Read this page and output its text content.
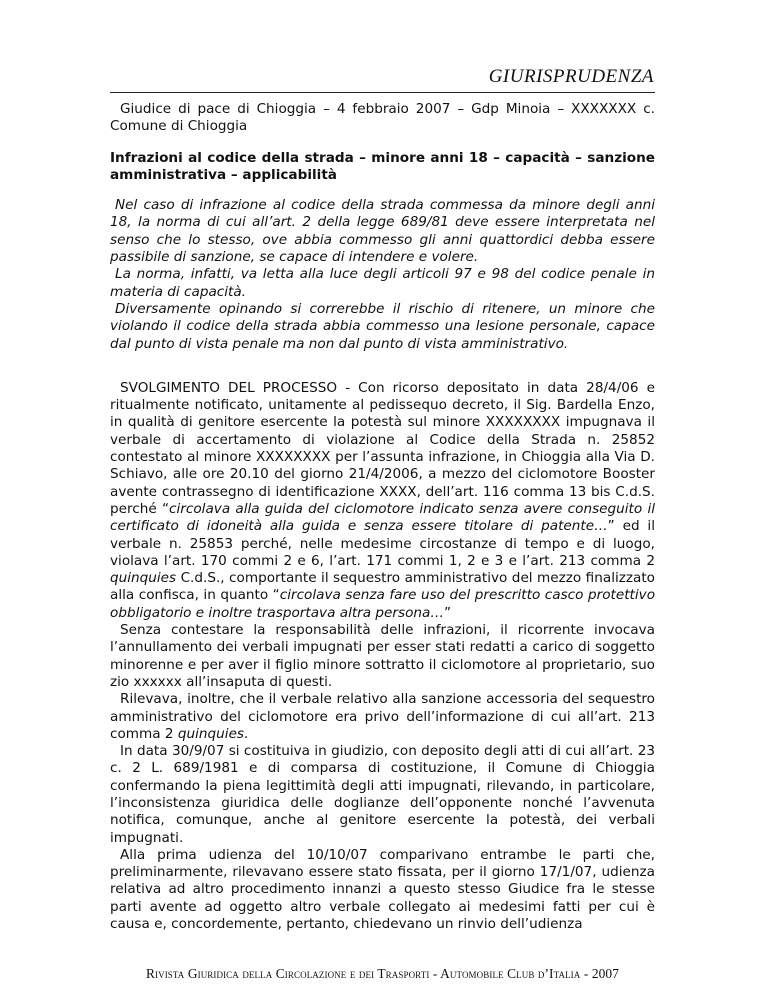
GIURISPRUDENZA

Giudice di pace di Chioggia – 4 febbraio 2007 – Gdp Minoia – XXXXXXX c. Comune di Chioggia

Infrazioni al codice della strada – minore anni 18 – capacità – sanzione amministrativa – applicabilità

Nel caso di infrazione al codice della strada commessa da minore degli anni 18, la norma di cui all’art. 2 della legge 689/81 deve essere interpretata nel senso che lo stesso, ove abbia commesso gli anni quattordici debba essere passibile di sanzione, se capace di intendere e volere.

La norma, infatti, va letta alla luce degli articoli 97 e 98 del codice penale in materia di capacità.

Diversamente opinando si correrebbe il rischio di ritenere, un minore che violando il codice della strada abbia commesso una lesione personale, capace dal punto di vista penale ma non dal punto di vista amministrativo.

SVOLGIMENTO DEL PROCESSO - Con ricorso depositato in data 28/4/06 e ritualmente notificato, unitamente al pedissequo decreto, il Sig. Bardella Enzo, in qualità di genitore esercente la potestà sul minore XXXXXXXX impugnava il verbale di accertamento di violazione al Codice della Strada n. 25852 contestato al minore XXXXXXXX per l’assunta infrazione, in Chioggia alla Via D. Schiavo, alle ore 20.10 del giorno 21/4/2006, a mezzo del ciclomotore Booster avente contrassegno di identificazione XXXX, dell’art. 116 comma 13 bis C.d.S. perché “circolava alla guida del ciclomotore indicato senza avere conseguito il certificato di idoneità alla guida e senza essere titolare di patente…” ed il verbale n. 25853 perché, nelle medesime circostanze di tempo e di luogo, violava l’art. 170 commi 2 e 6, l’art. 171 commi 1, 2 e 3 e l’art. 213 comma 2 quinquies C.d.S., comportante il sequestro amministrativo del mezzo finalizzato alla confisca, in quanto “circolava senza fare uso del prescritto casco protettivo obbligatorio e inoltre trasportava altra persona…”

Senza contestare la responsabilità delle infrazioni, il ricorrente invocava l’annullamento dei verbali impugnati per esser stati redatti a carico di soggetto minorenne e per aver il figlio minore sottratto il ciclomotore al proprietario, suo zio xxxxxx all’insaputa di questi.

Rilevava, inoltre, che il verbale relativo alla sanzione accessoria del sequestro amministrativo del ciclomotore era privo dell’informazione di cui all’art. 213 comma 2 quinquies.

In data 30/9/07 si costituiva in giudizio, con deposito degli atti di cui all’art. 23 c. 2 L. 689/1981 e di comparsa di costituzione, il Comune di Chioggia confermando la piena legittimità degli atti impugnati, rilevando, in particolare, l’inconsistenza giuridica delle doglianze dell’opponente nonché l’avvenuta notifica, comunque, anche al genitore esercente la potestà, dei verbali impugnati.

Alla prima udienza del 10/10/07 comparivano entrambe le parti che, preliminarmente, rilevavano essere stato fissata, per il giorno 17/1/07, udienza relativa ad altro procedimento innanzi a questo stesso Giudice fra le stesse parti avente ad oggetto altro verbale collegato ai medesimi fatti per cui è causa e, concordemente, pertanto, chiedevano un rinvio dell’udienza

Rivista Giuridica della Circolazione e dei Trasporti - Automobile Club d’Italia - 2007
